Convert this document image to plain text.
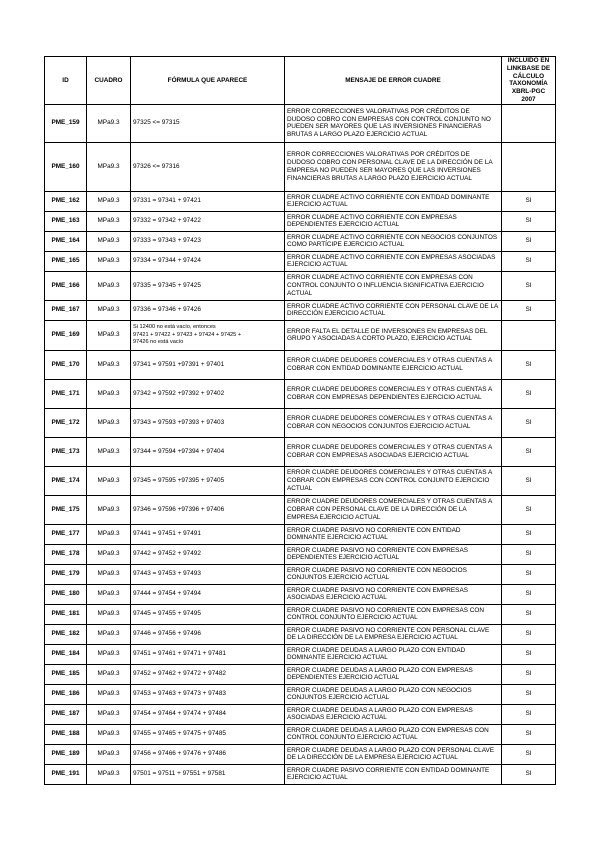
ID	CUADRO	FÓRMULA QUE APARECE	MENSAJE DE ERROR CUADRE	INCLUIDO EN LINKBASE DE CÁLCULO TAXONOMÍA XBRL-PGC 2007
PME_159	MPa9.3	97325 <= 97315	ERROR CORRECCIONES VALORATIVAS POR CRÉDITOS DE DUDOSO COBRO CON EMPRESAS CON CONTROL CONJUNTO NO PUEDEN SER MAYORES QUE LAS INVERSIONES FINANCIERAS BRUTAS A LARGO PLAZO EJERCICIO ACTUAL	
PME_160	MPa9.3	97326 <= 97316	ERROR CORRECCIONES VALORATIVAS POR CRÉDITOS DE DUDOSO COBRO CON PERSONAL CLAVE DE LA DIRECCIÓN DE LA EMPRESA NO PUEDEN SER MAYORES QUE LAS INVERSIONES FINANCIERAS BRUTAS A LARGO PLAZO EJERCICIO ACTUAL	
PME_162	MPa9.3	97331 = 97341 + 97421	ERROR CUADRE ACTIVO CORRIENTE CON ENTIDAD DOMINANTE EJERCICIO ACTUAL	SI
PME_163	MPa9.3	97332 = 97342 + 97422	ERROR CUADRE ACTIVO CORRIENTE CON EMPRESAS DEPENDIENTES EJERCICIO ACTUAL	SI
PME_164	MPa9.3	97333 = 97343 + 97423	ERROR CUADRE ACTIVO CORRIENTE CON NEGOCIOS CONJUNTOS COMO PARTÍCIPE EJERCICIO ACTUAL	SI
PME_165	MPa9.3	97334 = 97344 + 97424	ERROR CUADRE ACTIVO CORRIENTE CON EMPRESAS ASOCIADAS EJERCICIO ACTUAL	SI
PME_166	MPa9.3	97335 = 97345 + 97425	ERROR CUADRE ACTIVO CORRIENTE CON EMPRESAS CON CONTROL CONJUNTO O INFLUENCIA SIGNIFICATIVA EJERCICIO ACTUAL	SI
PME_167	MPa9.3	97336 = 97346 + 97426	ERROR CUADRE ACTIVO CORRIENTE CON PERSONAL CLAVE DE LA DIRECCIÓN EJERCICIO ACTUAL	SI
PME_169	MPa9.3	Si 12400 no está vacío, entonces
97421 + 97422 + 97423 + 97424 + 97425 +
97426 no está vacío	ERROR FALTA EL DETALLE DE INVERSIONES EN EMPRESAS DEL GRUPO Y ASOCIADAS A CORTO PLAZO, EJERCICIO ACTUAL	
PME_170	MPa9.3	97341 = 97591 +97391 + 97401	ERROR CUADRE DEUDORES COMERCIALES Y OTRAS CUENTAS A COBRAR CON ENTIDAD DOMINANTE EJERCICIO ACTUAL	SI
PME_171	MPa9.3	97342 = 97592 +97392 + 97402	ERROR CUADRE DEUDORES COMERCIALES Y OTRAS CUENTAS A COBRAR CON EMPRESAS DEPENDIENTES EJERCICIO ACTUAL	SI
PME_172	MPa9.3	97343 = 97593 +97393 + 97403	ERROR CUADRE DEUDORES COMERCIALES Y OTRAS CUENTAS A COBRAR CON NEGOCIOS CONJUNTOS EJERCICIO ACTUAL	SI
PME_173	MPa9.3	97344 = 97594 +97394 + 97404	ERROR CUADRE DEUDORES COMERCIALES Y OTRAS CUENTAS A COBRAR CON EMPRESAS ASOCIADAS EJERCICIO ACTUAL	SI
PME_174	MPa9.3	97345 = 97595 +97395 + 97405	ERROR CUADRE DEUDORES COMERCIALES Y OTRAS CUENTAS A COBRAR CON EMPRESAS CON CONTROL CONJUNTO EJERCICIO ACTUAL	SI
PME_175	MPa9.3	97346 = 97596 +97396 + 97406	ERROR CUADRE DEUDORES COMERCIALES Y OTRAS CUENTAS A COBRAR CON PERSONAL CLAVE DE LA DIRECCIÓN DE LA EMPRESA EJERCICIO ACTUAL	SI
PME_177	MPa9.3	97441 = 97451 + 97491	ERROR CUADRE PASIVO NO CORRIENTE CON ENTIDAD DOMINANTE EJERCICIO ACTUAL	SI
PME_178	MPa9.3	97442 = 97452 + 97492	ERROR CUADRE PASIVO NO CORRIENTE CON EMPRESAS DEPENDIENTES EJERCICIO ACTUAL	SI
PME_179	MPa9.3	97443 = 97453 + 97493	ERROR CUADRE PASIVO NO CORRIENTE CON NEGOCIOS CONJUNTOS EJERCICIO ACTUAL	SI
PME_180	MPa9.3	97444 = 97454 + 97494	ERROR CUADRE PASIVO NO CORRIENTE CON EMPRESAS ASOCIADAS EJERCICIO ACTUAL	SI
PME_181	MPa9.3	97445 = 97455 + 97495	ERROR CUADRE PASIVO NO CORRIENTE CON EMPRESAS CON CONTROL CONJUNTO EJERCICIO ACTUAL	SI
PME_182	MPa9.3	97446 = 97456 + 97496	ERROR CUADRE PASIVO NO CORRIENTE CON PERSONAL CLAVE DE LA DIRECCIÓN DE LA EMPRESA EJERCICIO ACTUAL	SI
PME_184	MPa9.3	97451 = 97461 + 97471 + 97481	ERROR CUADRE DEUDAS A LARGO PLAZO CON ENTIDAD DOMINANTE EJERCICIO ACTUAL	SI
PME_185	MPa9.3	97452 = 97462 + 97472 + 97482	ERROR CUADRE DEUDAS A LARGO PLAZO CON EMPRESAS DEPENDIENTES EJERCICIO ACTUAL	SI
PME_186	MPa9.3	97453 = 97463 + 97473 + 97483	ERROR CUADRE DEUDAS A LARGO PLAZO CON NEGOCIOS CONJUNTOS EJERCICIO ACTUAL	SI
PME_187	MPa9.3	97454 = 97464 + 97474 + 97484	ERROR CUADRE DEUDAS A LARGO PLAZO CON EMPRESAS ASOCIADAS EJERCICIO ACTUAL	SI
PME_188	MPa9.3	97455 = 97465 + 97475 + 97485	ERROR CUADRE DEUDAS A LARGO PLAZO CON EMPRESAS CON CONTROL CONJUNTO EJERCICIO ACTUAL	SI
PME_189	MPa9.3	97456 = 97466 + 97476 + 97486	ERROR CUADRE DEUDAS A LARGO PLAZO CON PERSONAL CLAVE DE LA DIRECCIÓN DE LA EMPRESA EJERCICIO ACTUAL	SI
PME_191	MPa9.3	97501 = 97511 + 97551 + 97581	ERROR CUADRE PASIVO CORRIENTE CON ENTIDAD DOMINANTE EJERCICIO ACTUAL	SI
